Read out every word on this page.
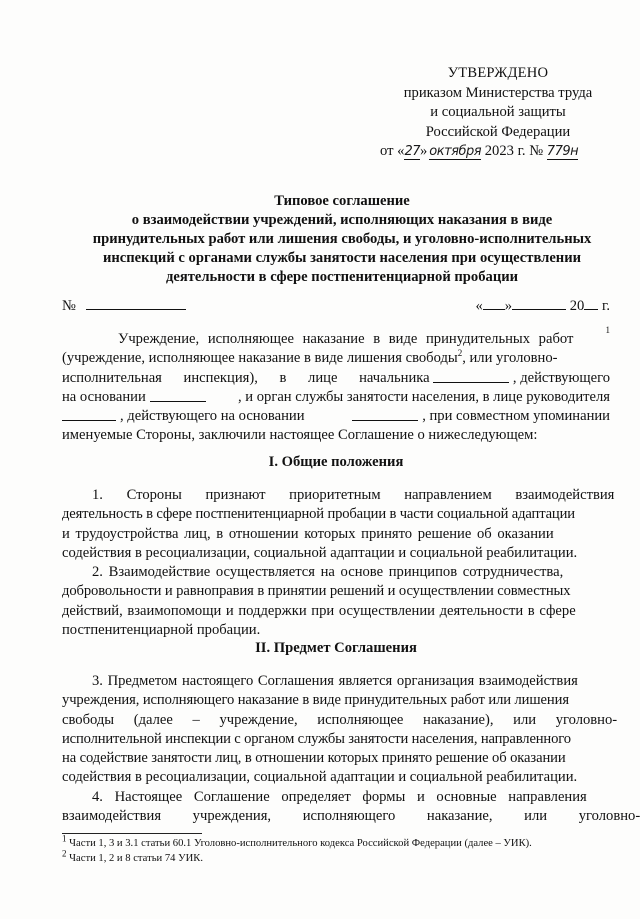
УТВЕРЖДЕНО
приказом Министерства труда
и социальной защиты
Российской Федерации
от «27» октября 2023 г. № 779н
Типовое соглашение
о взаимодействии учреждений, исполняющих наказания в виде
принудительных работ или лишения свободы, и уголовно-исполнительных
инспекций с органами службы занятости населения при осуществлении
деятельности в сфере постпенитенциарной пробации
№	« »	20 г.
Учреждение, исполняющее наказание в виде принудительных работ
1
(учреждение, исполняющее наказание в виде лишения свободы$^2$, или уголовно-
исполнительная инспекция), в лице начальника	, действующего
на основании	, и орган службы занятости населения, в лице руководителя
, действующего на основании	, при совместном упоминании
именуемые Стороны, заключили настоящее Соглашение о нижеследующем:
I. Общие положения
1. Стороны признают приоритетным направлением взаимодействия
деятельность в сфере постпенитенциарной пробации в части социальной адаптации
и трудоустройства лиц, в отношении которых принято решение об оказании
содействия в ресоциализации, социальной адаптации и социальной реабилитации.
2. Взаимодействие осуществляется на основе принципов сотрудничества,
добровольности и равноправия в принятии решений и осуществлении совместных
действий, взаимопомощи и поддержки при осуществлении деятельности в сфере
постпенитенциарной пробации.
II. Предмет Соглашения
3. Предметом настоящего Соглашения является организация взаимодействия
учреждения, исполняющего наказание в виде принудительных работ или лишения
свободы (далее – учреждение, исполняющее наказание), или уголовно-
исполнительной инспекции с органом службы занятости населения, направленного
на содействие занятости лиц, в отношении которых принято решение об оказании
содействия в ресоциализации, социальной адаптации и социальной реабилитации.
4. Настоящее Соглашение определяет формы и основные направления
взаимодействия учреждения, исполняющего наказание, или уголовно-
$^1$ Части 1, 3 и 3.1 статьи 60.1 Уголовно-исполнительного кодекса Российской Федерации (далее – УИК).
$^2$ Части 1, 2 и 8 статьи 74 УИК.
